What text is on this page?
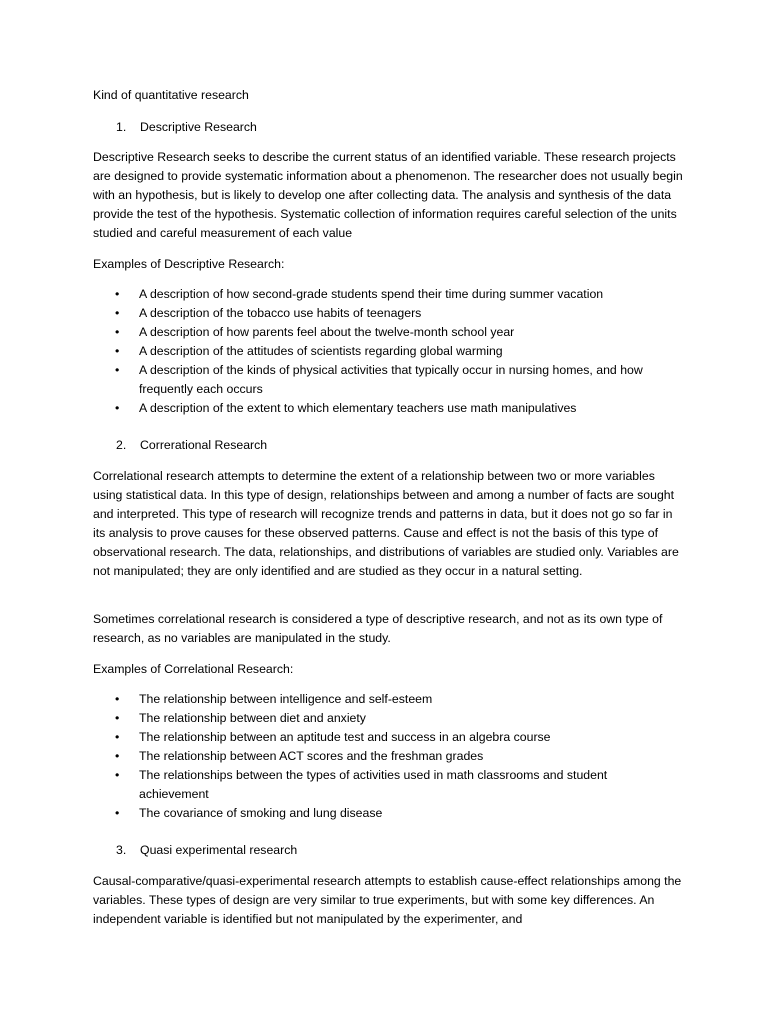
Kind of quantitative research
1. Descriptive Research

Descriptive Research seeks to describe the current status of an identified variable. These research projects are designed to provide systematic information about a phenomenon. The researcher does not usually begin with an hypothesis, but is likely to develop one after collecting data. The analysis and synthesis of the data provide the test of the hypothesis. Systematic collection of information requires careful selection of the units studied and careful measurement of each value

Examples of Descriptive Research:
• A description of how second-grade students spend their time during summer vacation
• A description of the tobacco use habits of teenagers
• A description of how parents feel about the twelve-month school year
• A description of the attitudes of scientists regarding global warming
• A description of the kinds of physical activities that typically occur in nursing homes, and how frequently each occurs
• A description of the extent to which elementary teachers use math manipulatives
2. Correrational Research

Correlational research attempts to determine the extent of a relationship between two or more variables using statistical data. In this type of design, relationships between and among a number of facts are sought and interpreted. This type of research will recognize trends and patterns in data, but it does not go so far in its analysis to prove causes for these observed patterns. Cause and effect is not the basis of this type of observational research. The data, relationships, and distributions of variables are studied only. Variables are not manipulated; they are only identified and are studied as they occur in a natural setting.

Sometimes correlational research is considered a type of descriptive research, and not as its own type of research, as no variables are manipulated in the study.

Examples of Correlational Research:
• The relationship between intelligence and self-esteem
• The relationship between diet and anxiety
• The relationship between an aptitude test and success in an algebra course
• The relationship between ACT scores and the freshman grades
• The relationships between the types of activities used in math classrooms and student achievement
• The covariance of smoking and lung disease
3. Quasi experimental research

Causal-comparative/quasi-experimental research attempts to establish cause-effect relationships among the variables. These types of design are very similar to true experiments, but with some key differences. An independent variable is identified but not manipulated by the experimenter, and
